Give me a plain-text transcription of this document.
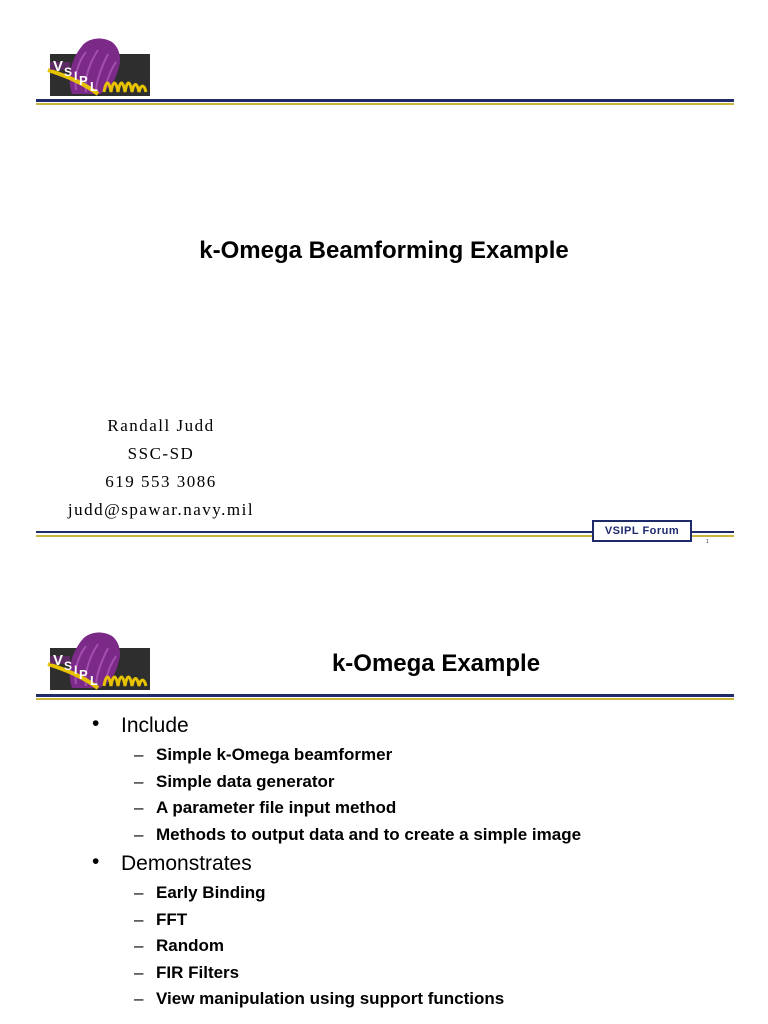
V S I P L
k-Omega Beamforming Example
Randall Judd
SSC-SD
619 553 3086
judd@spawar.navy.mil
VSIPL Forum
1
V S I P L
k-Omega Example
• Include
– Simple k-Omega beamformer
– Simple data generator
– A parameter file input method
– Methods to output data and to create a simple image
• Demonstrates
– Early Binding
– FFT
– Random
– FIR Filters
– View manipulation using support functions
